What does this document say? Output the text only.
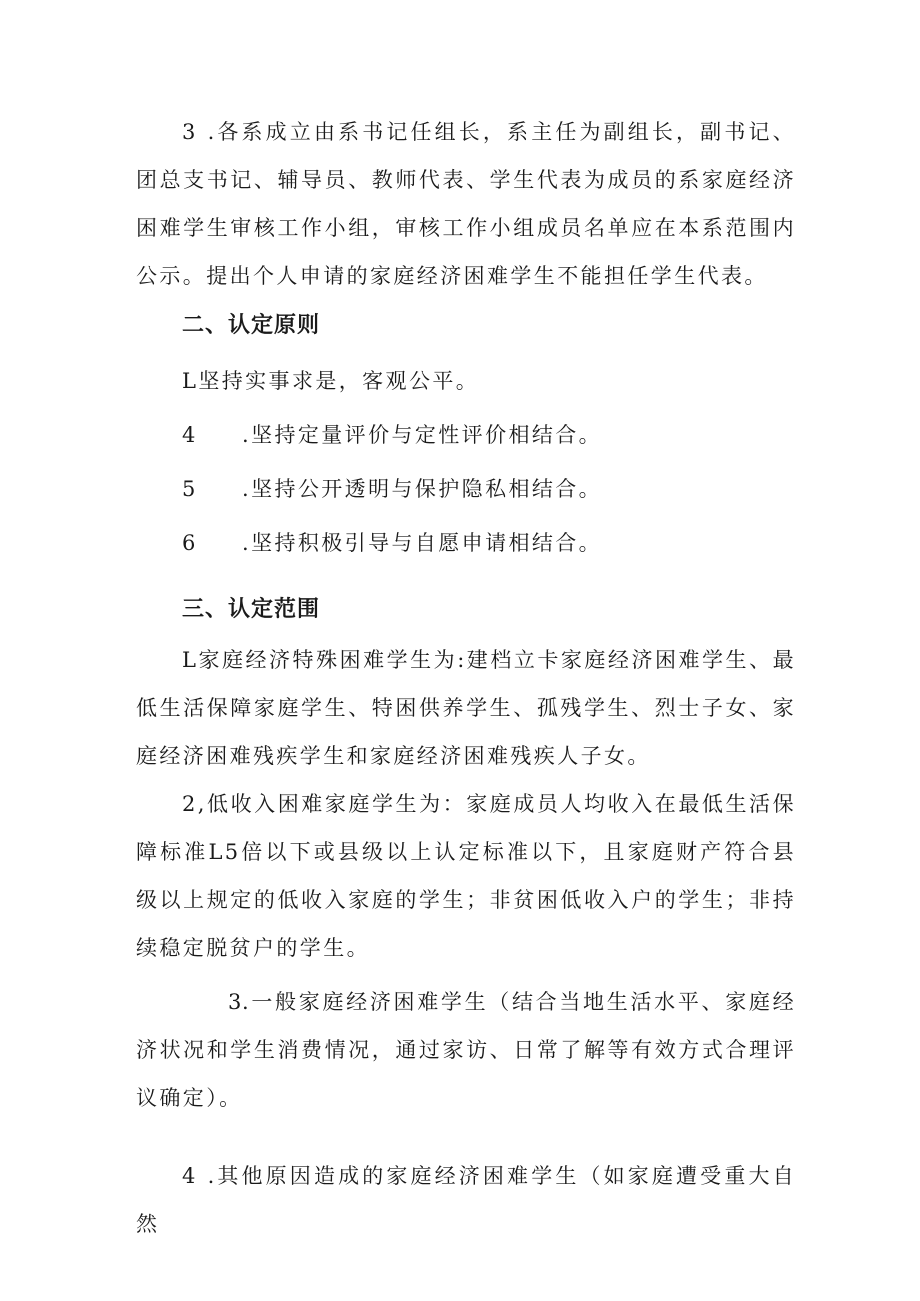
3 .各系成立由系书记任组长，系主任为副组长，副书记、团总支书记、辅导员、教师代表、学生代表为成员的系家庭经济困难学生审核工作小组，审核工作小组成员名单应在本系范围内公示。提出个人申请的家庭经济困难学生不能担任学生代表。

二、认定原则

L坚持实事求是，客观公平。

4 .坚持定量评价与定性评价相结合。

5 .坚持公开透明与保护隐私相结合。

6 .坚持积极引导与自愿申请相结合。

三、认定范围

L家庭经济特殊困难学生为:建档立卡家庭经济困难学生、最低生活保障家庭学生、特困供养学生、孤残学生、烈士子女、家庭经济困难残疾学生和家庭经济困难残疾人子女。

2,低收入困难家庭学生为：家庭成员人均收入在最低生活保障标准L5倍以下或县级以上认定标准以下，且家庭财产符合县级以上规定的低收入家庭的学生；非贫困低收入户的学生；非持续稳定脱贫户的学生。

3.一般家庭经济困难学生（结合当地生活水平、家庭经济状况和学生消费情况，通过家访、日常了解等有效方式合理评议确定）。

4 .其他原因造成的家庭经济困难学生（如家庭遭受重大自然
